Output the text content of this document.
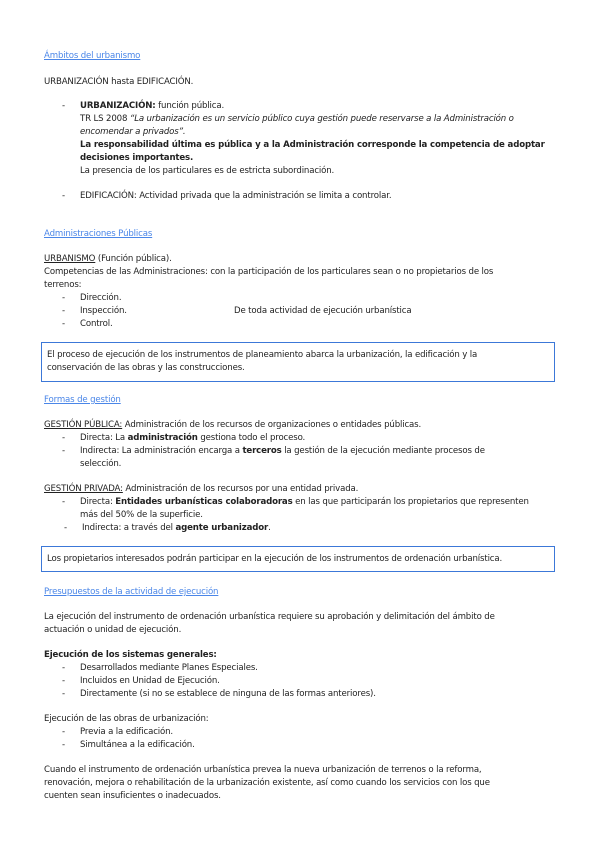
Ámbitos del urbanismo
URBANIZACIÓN hasta EDIFICACIÓN.
- URBANIZACIÓN: función pública.
TR LS 2008 “La urbanización es un servicio público cuya gestión puede reservarse a la Administración o
encomendar a privados”.
La responsabilidad última es pública y a la Administración corresponde la competencia de adoptar
decisiones importantes.
La presencia de los particulares es de estricta subordinación.
- EDIFICACIÓN: Actividad privada que la administración se limita a controlar.
Administraciones Públicas
URBANISMO (Función pública).
Competencias de las Administraciones: con la participación de los particulares sean o no propietarios de los
terrenos:
- Dirección.
- Inspección.	De toda actividad de ejecución urbanística
- Control.
El proceso de ejecución de los instrumentos de planeamiento abarca la urbanización, la edificación y la
conservación de las obras y las construcciones.
Formas de gestión
GESTIÓN PÚBLICA: Administración de los recursos de organizaciones o entidades públicas.
- Directa: La administración gestiona todo el proceso.
- Indirecta: La administración encarga a terceros la gestión de la ejecución mediante procesos de
selección.
GESTIÓN PRIVADA: Administración de los recursos por una entidad privada.
- Directa: Entidades urbanísticas colaboradoras en las que participarán los propietarios que representen
más del 50% de la superficie.
- Indirecta: a través del agente urbanizador.
Los propietarios interesados podrán participar en la ejecución de los instrumentos de ordenación urbanística.
Presupuestos de la actividad de ejecución
La ejecución del instrumento de ordenación urbanística requiere su aprobación y delimitación del ámbito de
actuación o unidad de ejecución.
Ejecución de los sistemas generales:
- Desarrollados mediante Planes Especiales.
- Incluidos en Unidad de Ejecución.
- Directamente (si no se establece de ninguna de las formas anteriores).
Ejecución de las obras de urbanización:
- Previa a la edificación.
- Simultánea a la edificación.
Cuando el instrumento de ordenación urbanística prevea la nueva urbanización de terrenos o la reforma,
renovación, mejora o rehabilitación de la urbanización existente, así como cuando los servicios con los que
cuenten sean insuficientes o inadecuados.
